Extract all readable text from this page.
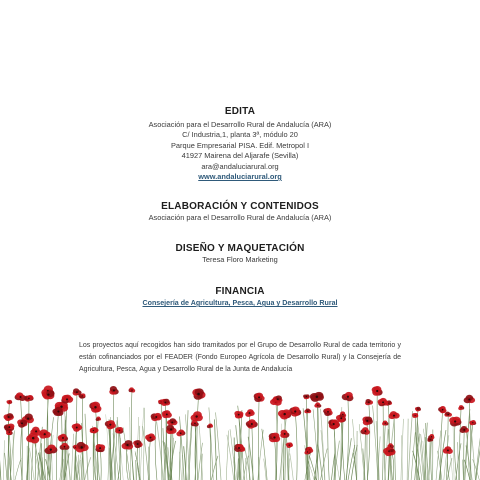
EDITA

Asociación para el Desarrollo Rural de Andalucía (ARA)

C/ Industria,1, planta 3ª, módulo 20

Parque Empresarial PISA. Edif. Metropol I

41927 Mairena del Aljarafe (Sevilla)

ara@andaluciarural.org

www.andaluciarural.org

ELABORACIÓN Y CONTENIDOS

Asociación para el Desarrollo Rural de Andalucía (ARA)

DISEÑO Y MAQUETACIÓN

Teresa Floro Marketing

FINANCIA

Consejería de Agricultura, Pesca, Agua y Desarrollo Rural

Los proyectos aquí recogidos han sido tramitados por el Grupo de Desarrollo Rural de cada territorio y están cofinanciados por el FEADER (Fondo Europeo Agrícola de Desarrollo Rural) y la Consejería de Agricultura, Pesca, Agua y Desarrollo Rural de la Junta de Andalucía
